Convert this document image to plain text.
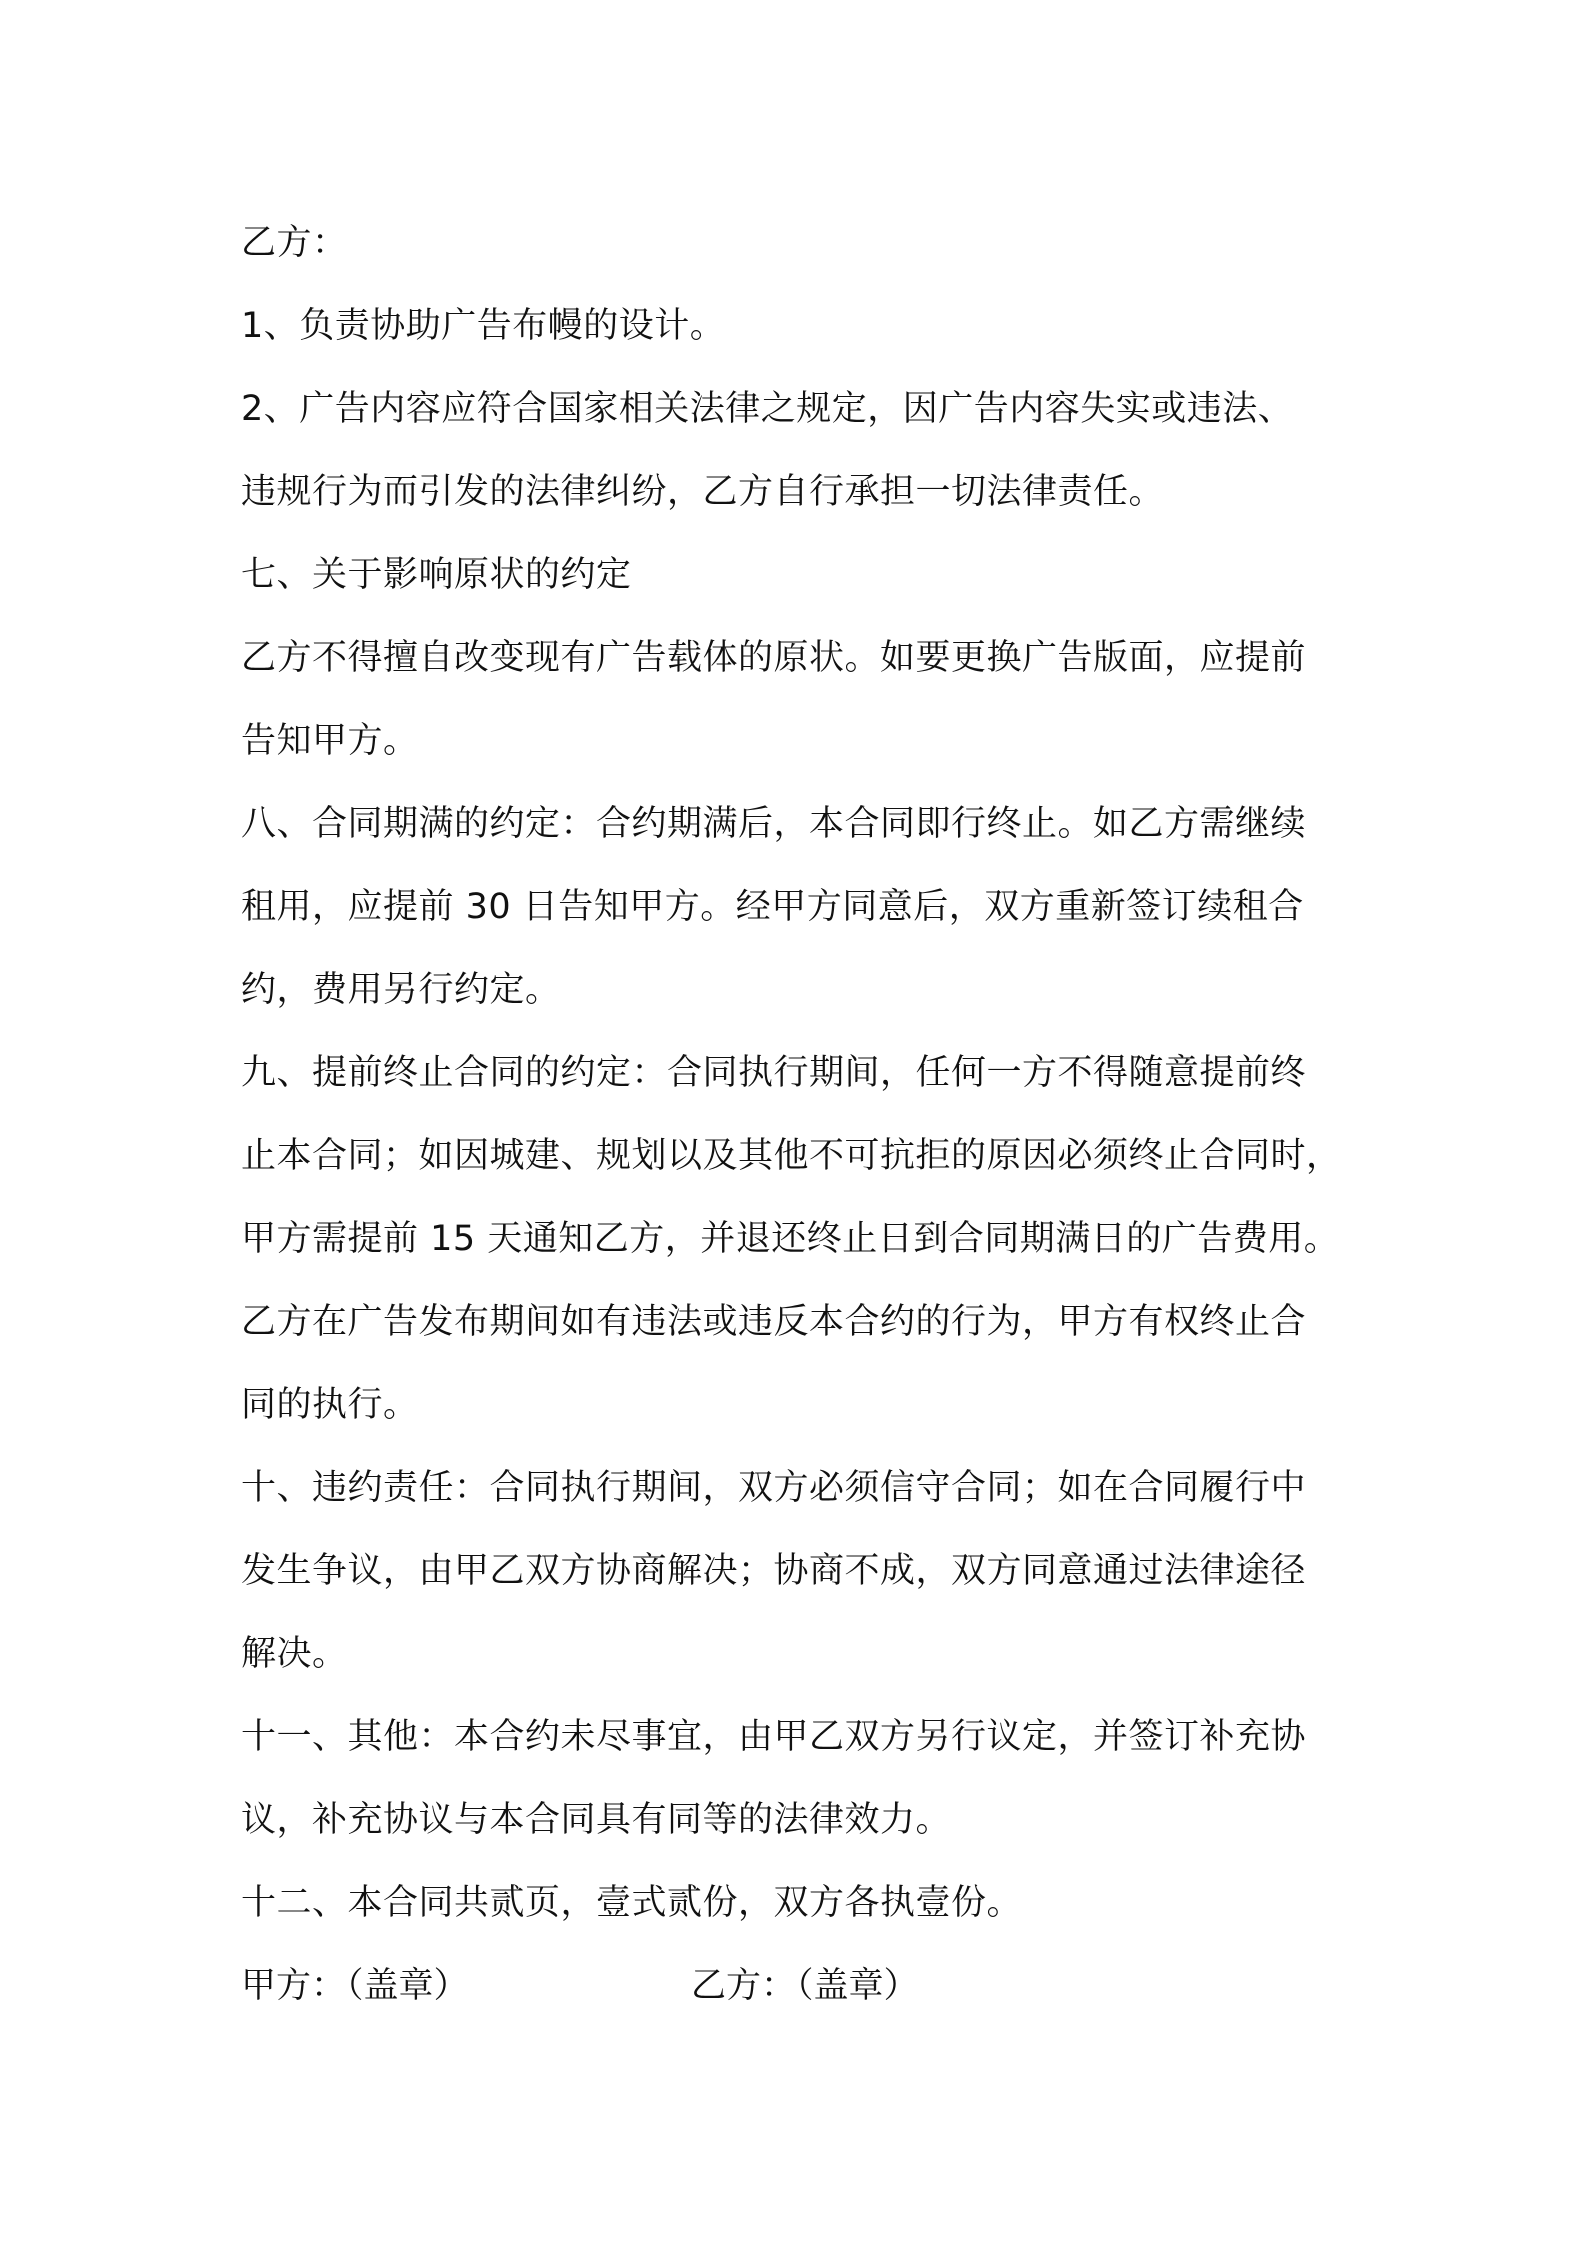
乙方：
1、负责协助广告布幔的设计。
2、广告内容应符合国家相关法律之规定，因广告内容失实或违法、
违规行为而引发的法律纠纷，乙方自行承担一切法律责任。
七、关于影响原状的约定
乙方不得擅自改变现有广告载体的原状。如要更换广告版面，应提前
告知甲方。
八、合同期满的约定：合约期满后，本合同即行终止。如乙方需继续
租用，应提前 30 日告知甲方。经甲方同意后，双方重新签订续租合
约，费用另行约定。
九、提前终止合同的约定：合同执行期间，任何一方不得随意提前终
止本合同；如因城建、规划以及其他不可抗拒的原因必须终止合同时，
甲方需提前 15 天通知乙方，并退还终止日到合同期满日的广告费用。
乙方在广告发布期间如有违法或违反本合约的行为，甲方有权终止合
同的执行。
十、违约责任：合同执行期间，双方必须信守合同；如在合同履行中
发生争议，由甲乙双方协商解决；协商不成，双方同意通过法律途径
解决。
十一、其他：本合约未尽事宜，由甲乙双方另行议定，并签订补充协
议，补充协议与本合同具有同等的法律效力。
十二、本合同共贰页，壹式贰份，双方各执壹份。
甲方：（盖章）	乙方：（盖章）
